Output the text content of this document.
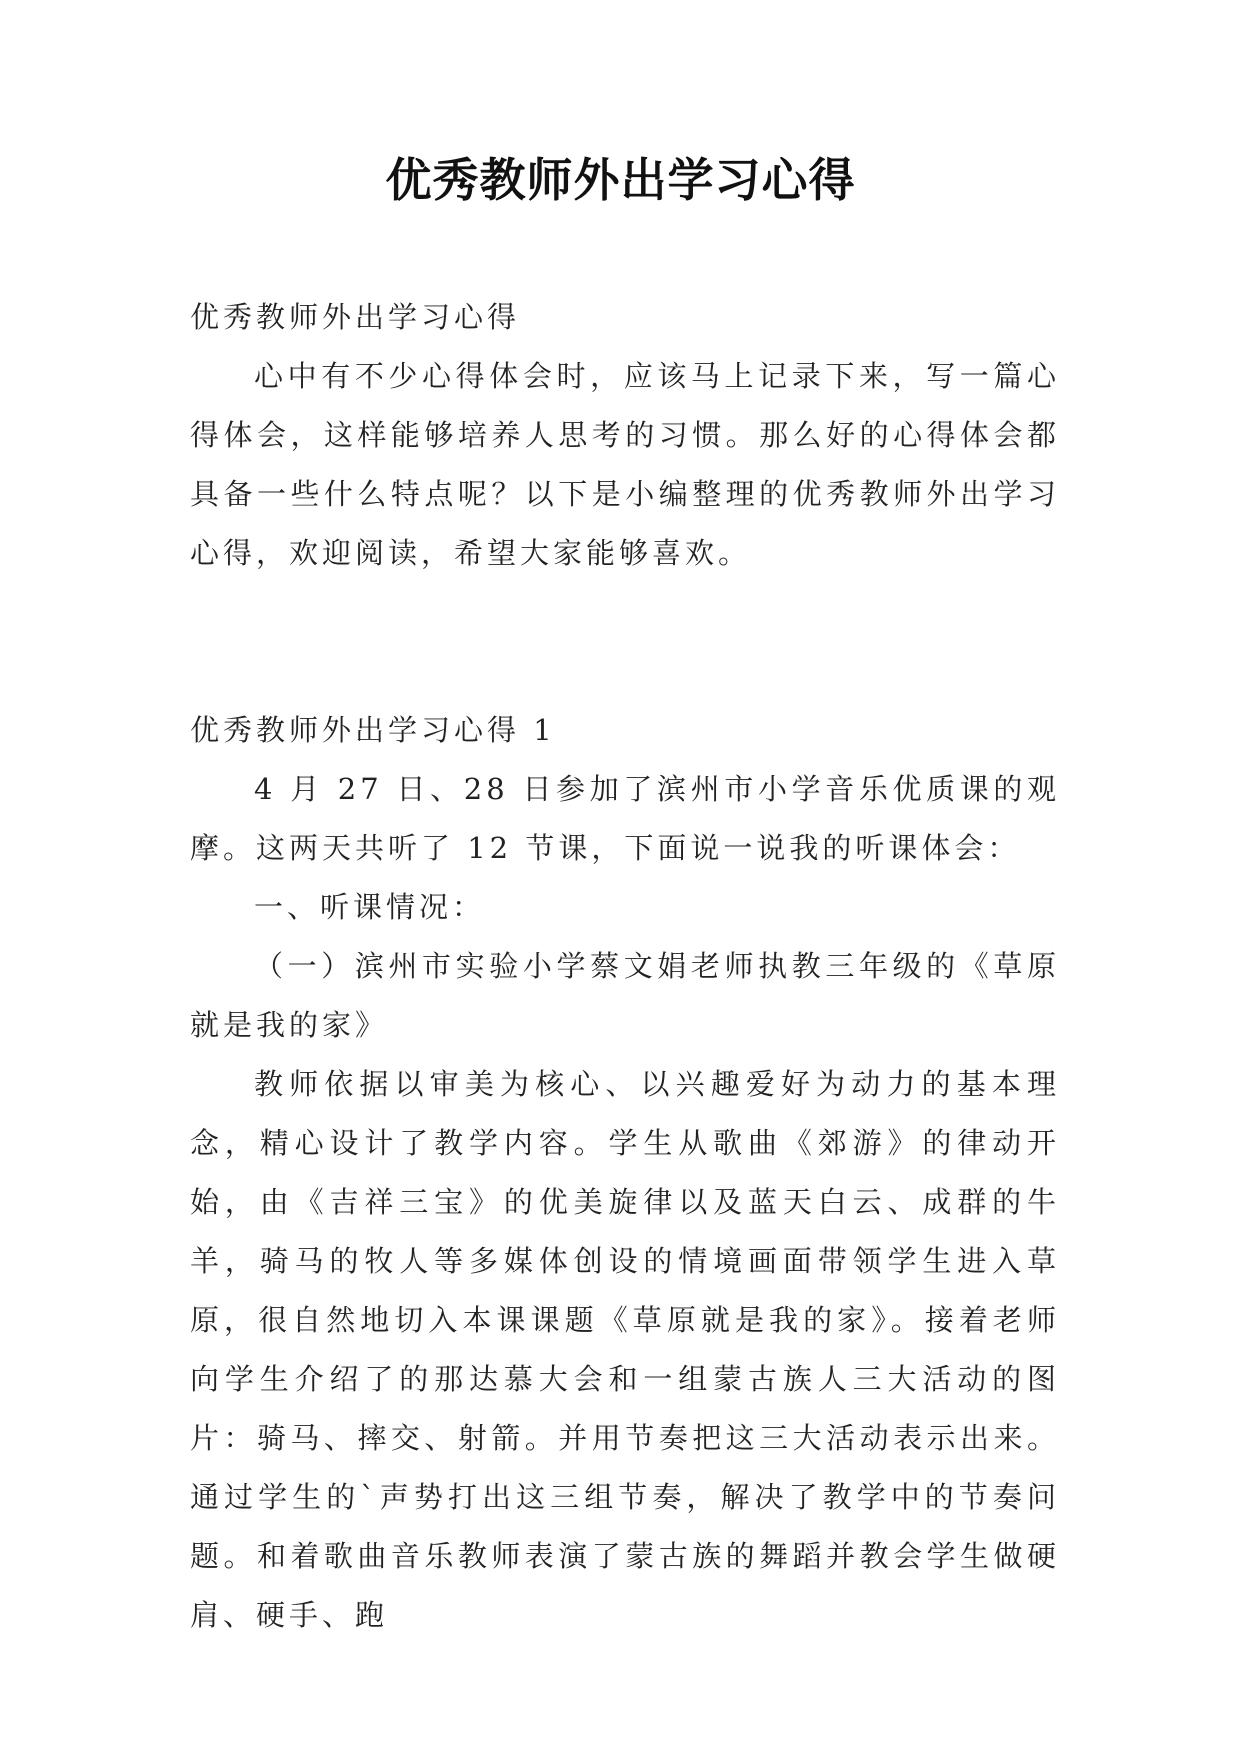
优秀教师外出学习心得

优秀教师外出学习心得

心中有不少心得体会时，应该马上记录下来，写一篇心得体会，这样能够培养人思考的习惯。那么好的心得体会都具备一些什么特点呢？以下是小编整理的优秀教师外出学习心得，欢迎阅读，希望大家能够喜欢。

优秀教师外出学习心得 1

4 月 27 日、28 日参加了滨州市小学音乐优质课的观摩。这两天共听了 12 节课，下面说一说我的听课体会：

一、听课情况：

（一）滨州市实验小学蔡文娟老师执教三年级的《草原就是我的家》

教师依据以审美为核心、以兴趣爱好为动力的基本理念，精心设计了教学内容。学生从歌曲《郊游》的律动开始，由《吉祥三宝》的优美旋律以及蓝天白云、成群的牛羊，骑马的牧人等多媒体创设的情境画面带领学生进入草原，很自然地切入本课课题《草原就是我的家》。接着老师向学生介绍了的那达慕大会和一组蒙古族人三大活动的图片：骑马、摔交、射箭。并用节奏把这三大活动表示出来。通过学生的`声势打出这三组节奏，解决了教学中的节奏问题。和着歌曲音乐教师表演了蒙古族的舞蹈并教会学生做硬肩、硬手、跑
